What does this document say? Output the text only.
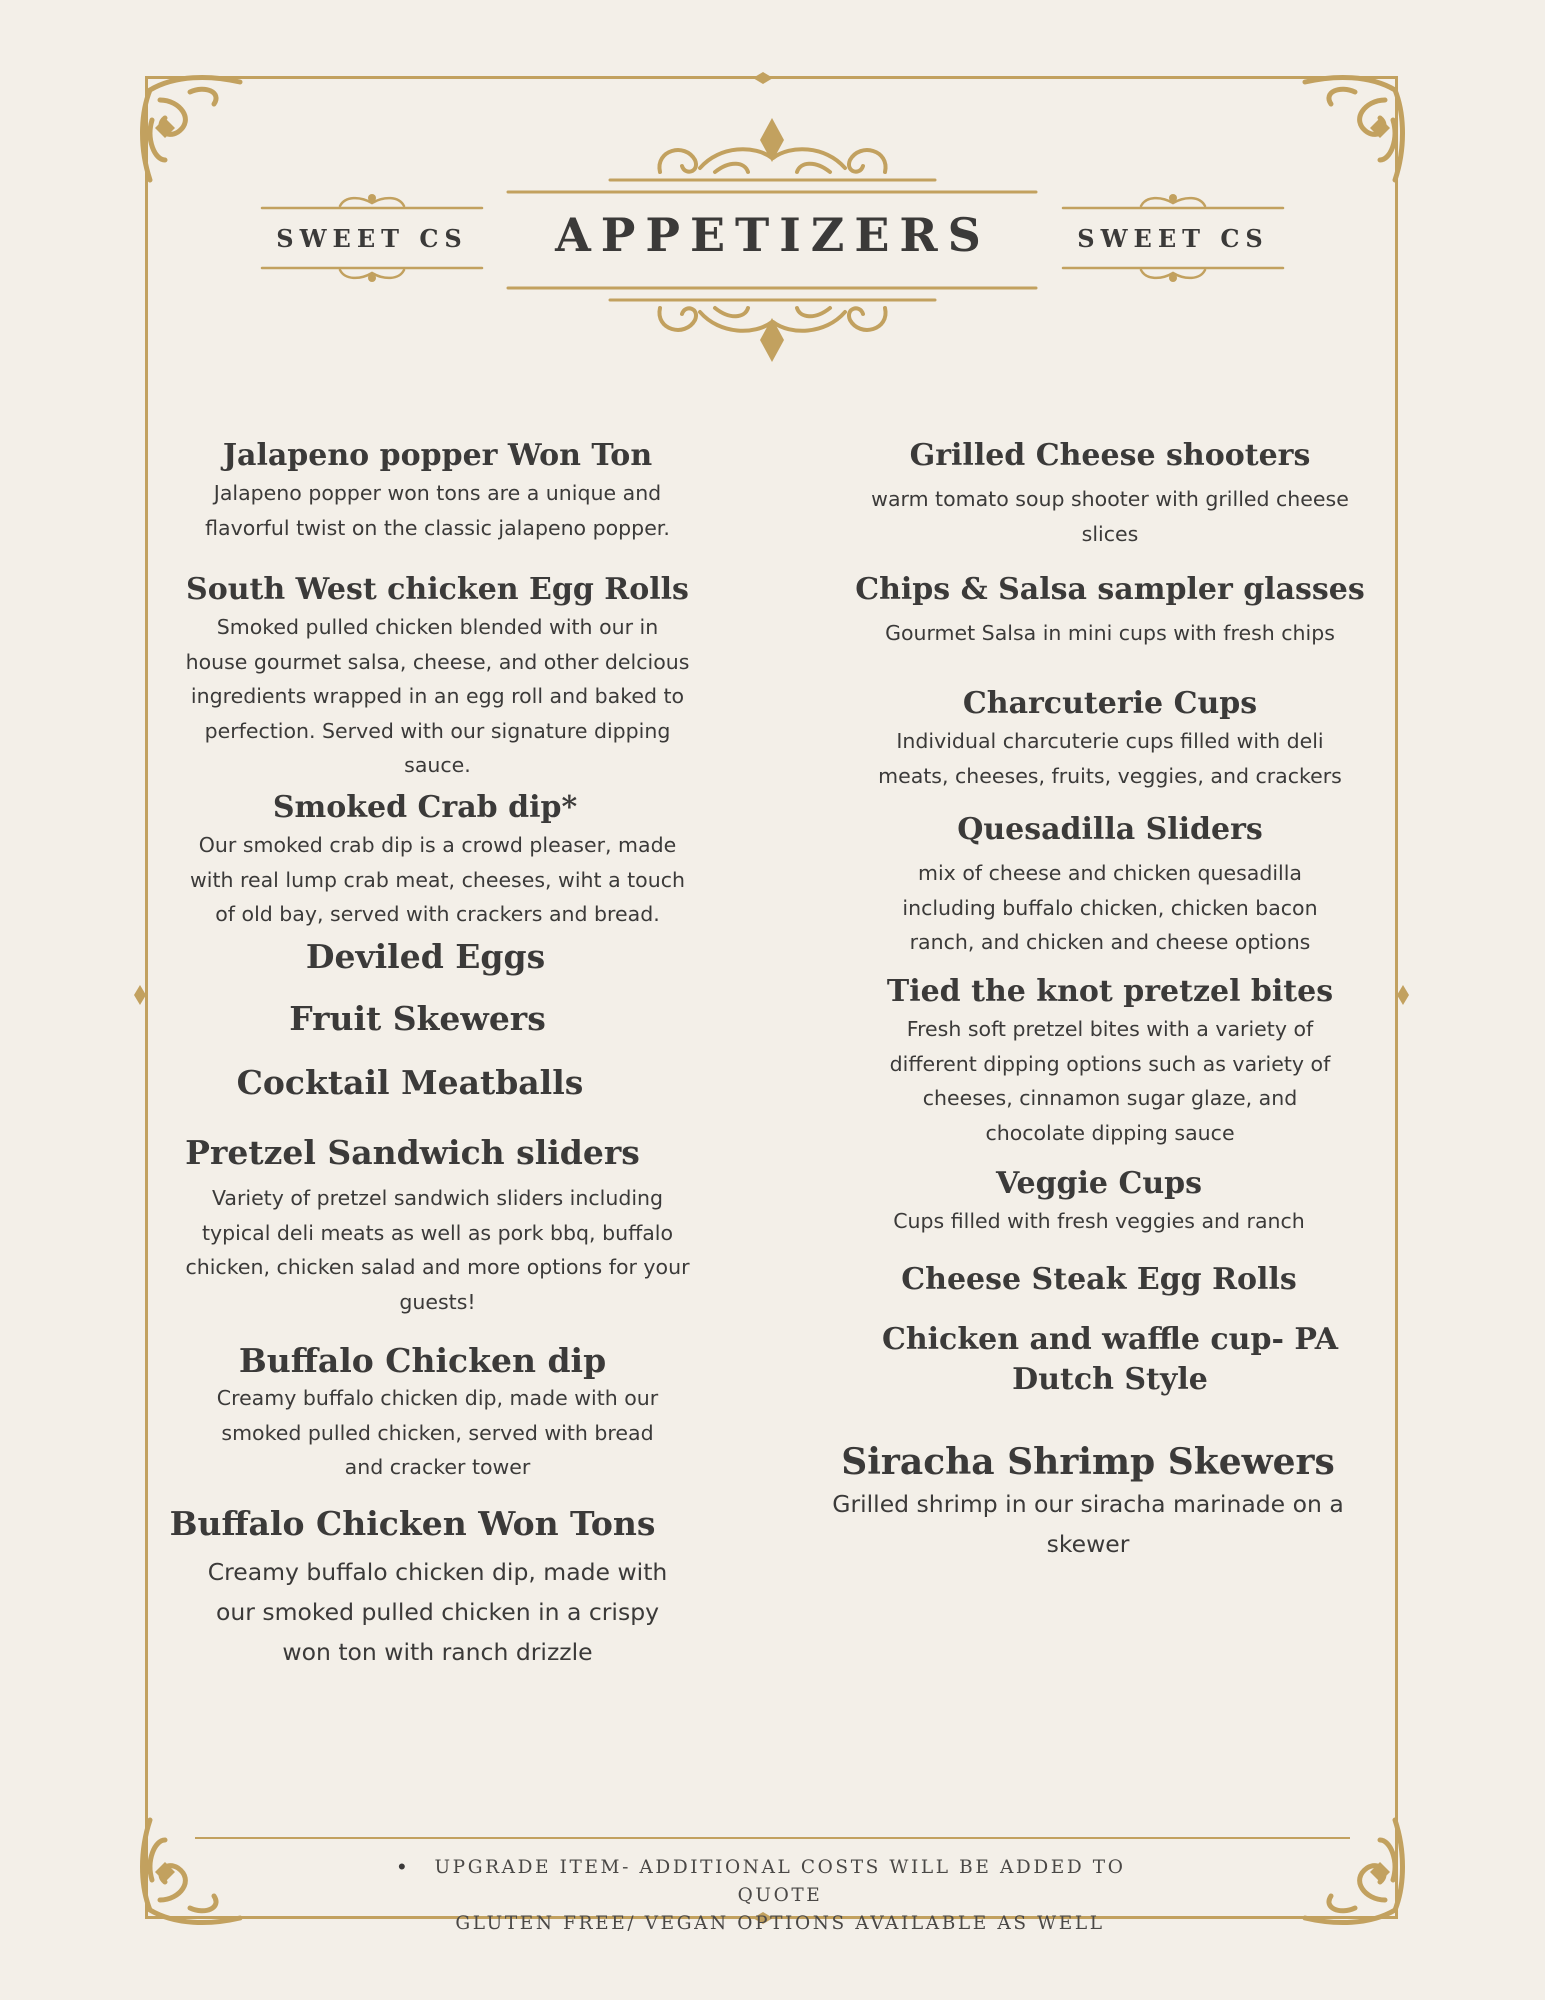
SWEET CS	APPETIZERS	SWEET CS

Jalapeno popper Won Ton

Jalapeno popper won tons are a unique and flavorful twist on the classic jalapeno popper.

South West chicken Egg Rolls

Smoked pulled chicken blended with our in house gourmet salsa, cheese, and other delcious ingredients wrapped in an egg roll and baked to perfection. Served with our signature dipping sauce.

Smoked Crab dip*

Our smoked crab dip is a crowd pleaser, made with real lump crab meat, cheeses, wiht a touch of old bay, served with crackers and bread.

Deviled Eggs

Fruit Skewers

Cocktail Meatballs

Pretzel Sandwich sliders

Variety of pretzel sandwich sliders including typical deli meats as well as pork bbq, buffalo chicken, chicken salad and more options for your guests!

Buffalo Chicken dip

Creamy buffalo chicken dip, made with our smoked pulled chicken, served with bread and cracker tower

Buffalo Chicken Won Tons

Creamy buffalo chicken dip, made with our smoked pulled chicken in a crispy won ton with ranch drizzle

Grilled Cheese shooters

warm tomato soup shooter with grilled cheese slices

Chips & Salsa sampler glasses

Gourmet Salsa in mini cups with fresh chips

Charcuterie Cups

Individual charcuterie cups filled with deli meats, cheeses, fruits, veggies, and crackers

Quesadilla Sliders

mix of cheese and chicken quesadilla including buffalo chicken, chicken bacon ranch, and chicken and cheese options

Tied the knot pretzel bites

Fresh soft pretzel bites with a variety of different dipping options such as variety of cheeses, cinnamon sugar glaze, and chocolate dipping sauce

Veggie Cups

Cups filled with fresh veggies and ranch

Cheese Steak Egg Rolls

Chicken and waffle cup- PA Dutch Style

Siracha Shrimp Skewers

Grilled shrimp in our siracha marinade on a skewer

•	UPGRADE ITEM- ADDITIONAL COSTS WILL BE ADDED TO QUOTE
GLUTEN FREE/ VEGAN OPTIONS AVAILABLE AS WELL
